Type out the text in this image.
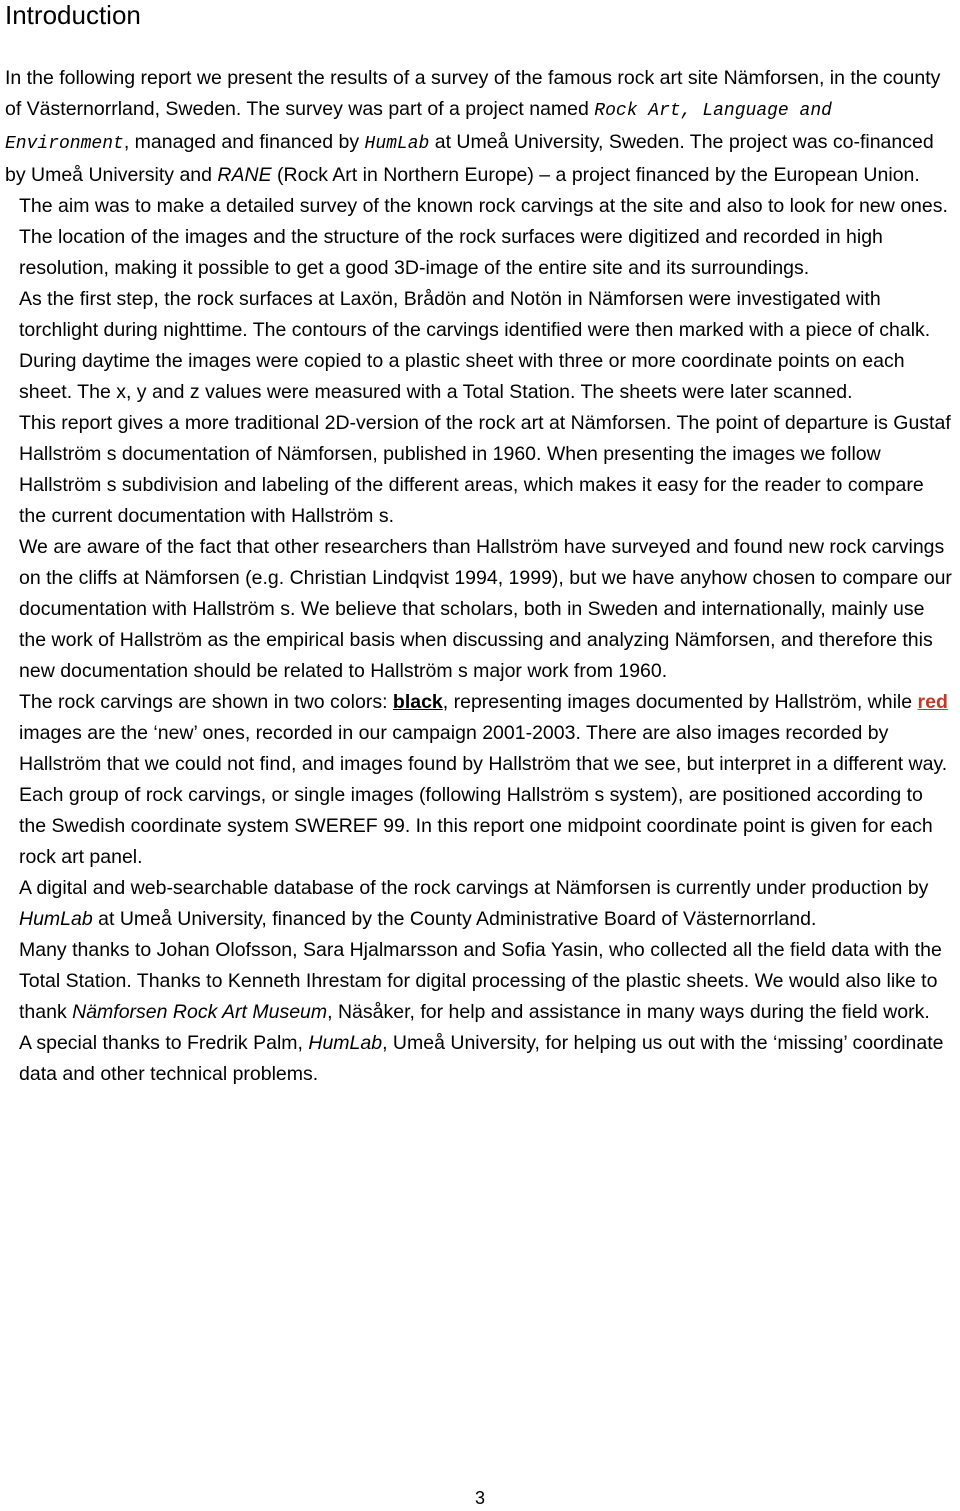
Introduction

In the following report we present the results of a survey of the famous rock art site Nämforsen, in the county of Västernorrland, Sweden. The survey was part of a project named Rock Art, Language and Environment, managed and financed by HumLab at Umeå University, Sweden. The project was co-financed by Umeå University and RANE (Rock Art in Northern Europe) – a project financed by the European Union.

The aim was to make a detailed survey of the known rock carvings at the site and also to look for new ones. The location of the images and the structure of the rock surfaces were digitized and recorded in high resolution, making it possible to get a good 3D-image of the entire site and its surroundings.

As the first step, the rock surfaces at Laxön, Brådön and Notön in Nämforsen were investigated with torchlight during nighttime. The contours of the carvings identified were then marked with a piece of chalk. During daytime the images were copied to a plastic sheet with three or more coordinate points on each sheet. The x, y and z values were measured with a Total Station. The sheets were later scanned.

This report gives a more traditional 2D-version of the rock art at Nämforsen. The point of departure is Gustaf Hallström s documentation of Nämforsen, published in 1960. When presenting the images we follow Hallström s subdivision and labeling of the different areas, which makes it easy for the reader to compare the current documentation with Hallström s.

We are aware of the fact that other researchers than Hallström have surveyed and found new rock carvings on the cliffs at Nämforsen (e.g. Christian Lindqvist 1994, 1999), but we have anyhow chosen to compare our documentation with Hallström s. We believe that scholars, both in Sweden and internationally, mainly use the work of Hallström as the empirical basis when discussing and analyzing Nämforsen, and therefore this new documentation should be related to Hallström s major work from 1960.

The rock carvings are shown in two colors: black, representing images documented by Hallström, while red images are the ‘new’ ones, recorded in our campaign 2001-2003. There are also images recorded by Hallström that we could not find, and images found by Hallström that we see, but interpret in a different way.

Each group of rock carvings, or single images (following Hallström s system), are positioned according to the Swedish coordinate system SWEREF 99. In this report one midpoint coordinate point is given for each rock art panel.

A digital and web-searchable database of the rock carvings at Nämforsen is currently under production by HumLab at Umeå University, financed by the County Administrative Board of Västernorrland.

Many thanks to Johan Olofsson, Sara Hjalmarsson and Sofia Yasin, who collected all the field data with the Total Station. Thanks to Kenneth Ihrestam for digital processing of the plastic sheets. We would also like to thank Nämforsen Rock Art Museum, Näsåker, for help and assistance in many ways during the field work.

A special thanks to Fredrik Palm, HumLab, Umeå University, for helping us out with the ‘missing’ coordinate data and other technical problems.

3
